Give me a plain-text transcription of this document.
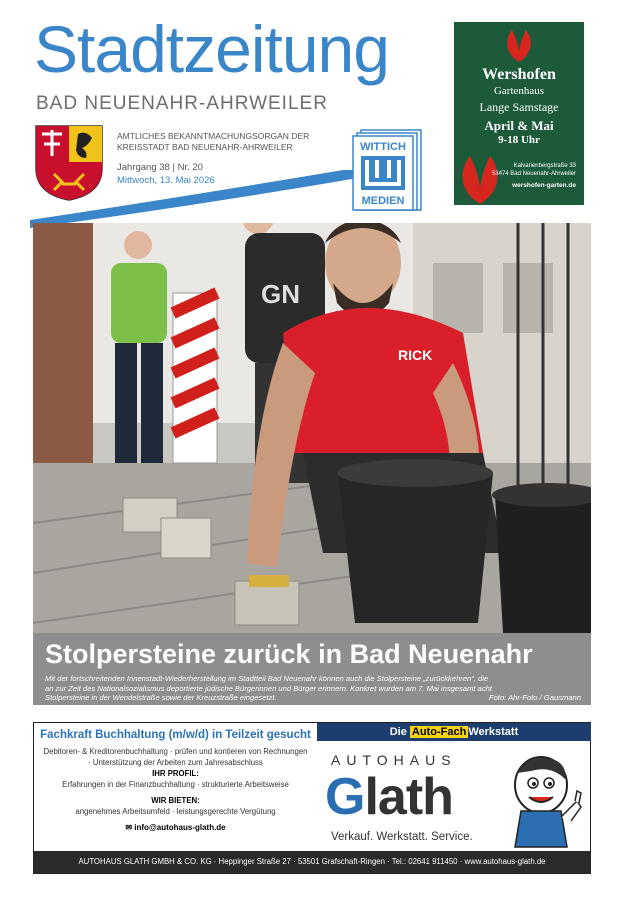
Stadtzeitung
BAD NEUENAHR-AHRWEILER
AMTLICHES BEKANNTMACHUNGSORGAN DER
KREISSTADT BAD NEUENAHR-AHRWEILER
Jahrgang 38 | Nr. 20
Mittwoch, 13. Mai 2026
WITTICH
MEDIEN
Wershofen
Gartenhaus
Lange Samstage
April & Mai
9-18 Uhr
Kalvarienbergstraße 33
53474 Bad Neuenahr-Ahrweiler
wershofen-garten.de
GN
RICK
Stolpersteine zurück in Bad Neuenahr
Mit der fortschreitenden Innenstadt-Wiederherstellung im Stadtteil Bad Neuenahr können auch die Stolpersteine „zurückkehren“, die
an zur Zeit des Nationalsozialismus deportierte jüdische Bürgerinnen und Bürger erinnern. Konkret wurden am 7. Mai insgesamt acht
Stolpersteine in der Wendelstraße sowie der Kreuzstraße eingesetzt.	Foto: Ahr-Foto / Gausmann
Fachkraft Buchhaltung (m/w/d) in Teilzeit gesucht
Debitoren- & Kreditorenbuchhaltung · prüfen und kontieren von Rechnungen
· Unterstützung der Arbeiten zum Jahresabschluss
IHR PROFIL:
Erfahrungen in der Finanzbuchhaltung · strukturierte Arbeitsweise
WIR BIETEN:
angenehmes Arbeitsumfeld · leistungsgerechte Vergütung
✉ info@autohaus-glath.de
Die Auto-Fach Werkstatt
AUTOHAUS
Glath
Verkauf. Werkstatt. Service.
AUTOHAUS GLATH GMBH & CO. KG · Heppinger Straße 27 · 53501 Grafschaft-Ringen · Tel.: 02641 911450 · www.autohaus-glath.de
